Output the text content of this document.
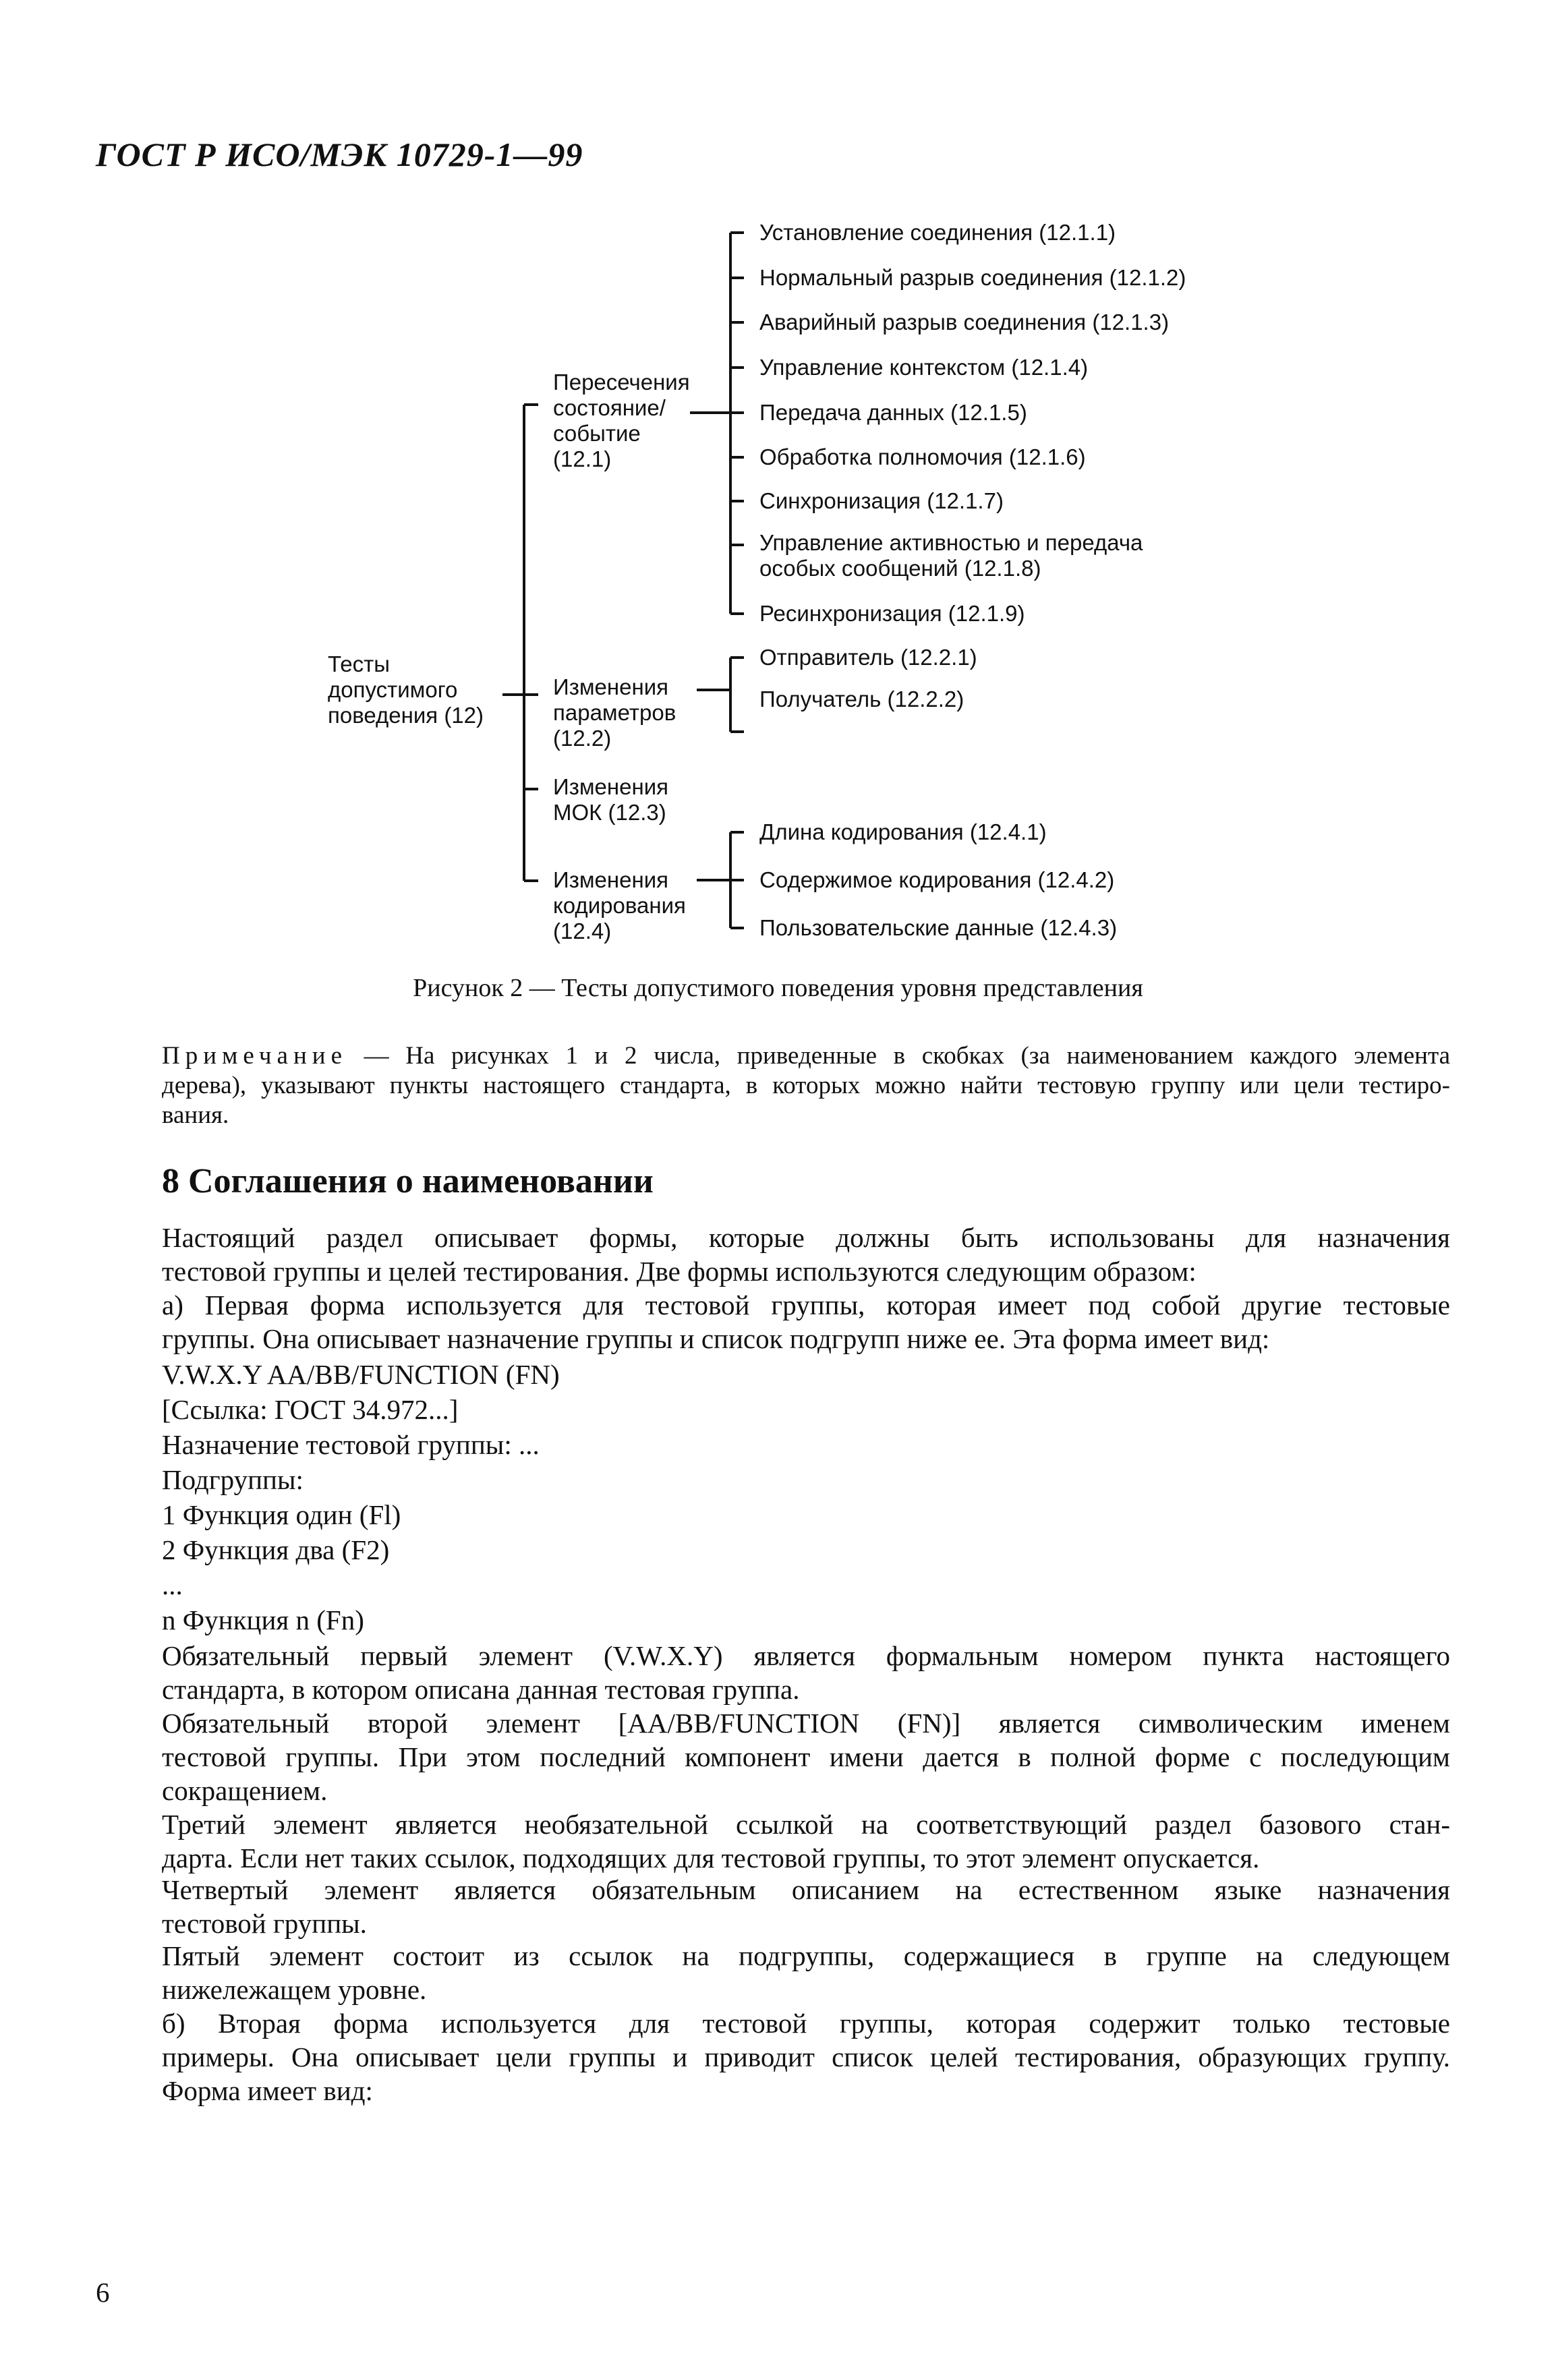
ГОСТ Р ИСО/МЭК 10729-1—99
Тесты
допустимого
поведения (12)
Пересечения
состояние/
событие
(12.1)
Изменения
параметров
(12.2)
Изменения
МОК (12.3)
Изменения
кодирования
(12.4)
Установление соединения (12.1.1)
Нормальный разрыв соединения (12.1.2)
Аварийный разрыв соединения (12.1.3)
Управление контекстом (12.1.4)
Передача данных (12.1.5)
Обработка полномочия (12.1.6)
Синхронизация (12.1.7)
Управление активностью и передача
особых сообщений (12.1.8)
Ресинхронизация (12.1.9)
Отправитель (12.2.1)
Получатель (12.2.2)
Длина кодирования (12.4.1)
Содержимое кодирования (12.4.2)
Пользовательские данные (12.4.3)
Рисунок 2 — Тесты допустимого поведения уровня представления
Примечание — На рисунках 1 и 2 числа, приведенные в скобках (за наименованием каждого элемента
дерева), указывают пункты настоящего стандарта, в которых можно найти тестовую группу или цели тестиро-
вания.
8 Соглашения о наименовании
Настоящий раздел описывает формы, которые должны быть использованы для назначения
тестовой группы и целей тестирования. Две формы используются следующим образом:
а) Первая форма используется для тестовой группы, которая имеет под собой другие тестовые
группы. Она описывает назначение группы и список подгрупп ниже ее. Эта форма имеет вид:
V.W.X.Y AA/BB/FUNCTION (FN)
[Ссылка: ГОСТ 34.972...]
Назначение тестовой группы: ...
Подгруппы:
1 Функция один (Fl)
2 Функция два (F2)
...
n Функция n (Fn)
Обязательный первый элемент (V.W.X.Y) является формальным номером пункта настоящего
стандарта, в котором описана данная тестовая группа.
Обязательный второй элемент [AA/BB/FUNCTION (FN)] является символическим именем
тестовой группы. При этом последний компонент имени дается в полной форме с последующим
сокращением.
Третий элемент является необязательной ссылкой на соответствующий раздел базового стан-
дарта. Если нет таких ссылок, подходящих для тестовой группы, то этот элемент опускается.
Четвертый элемент является обязательным описанием на естественном языке назначения
тестовой группы.
Пятый элемент состоит из ссылок на подгруппы, содержащиеся в группе на следующем
нижележащем уровне.
б) Вторая форма используется для тестовой группы, которая содержит только тестовые
примеры. Она описывает цели группы и приводит список целей тестирования, образующих группу.
Форма имеет вид:
6
